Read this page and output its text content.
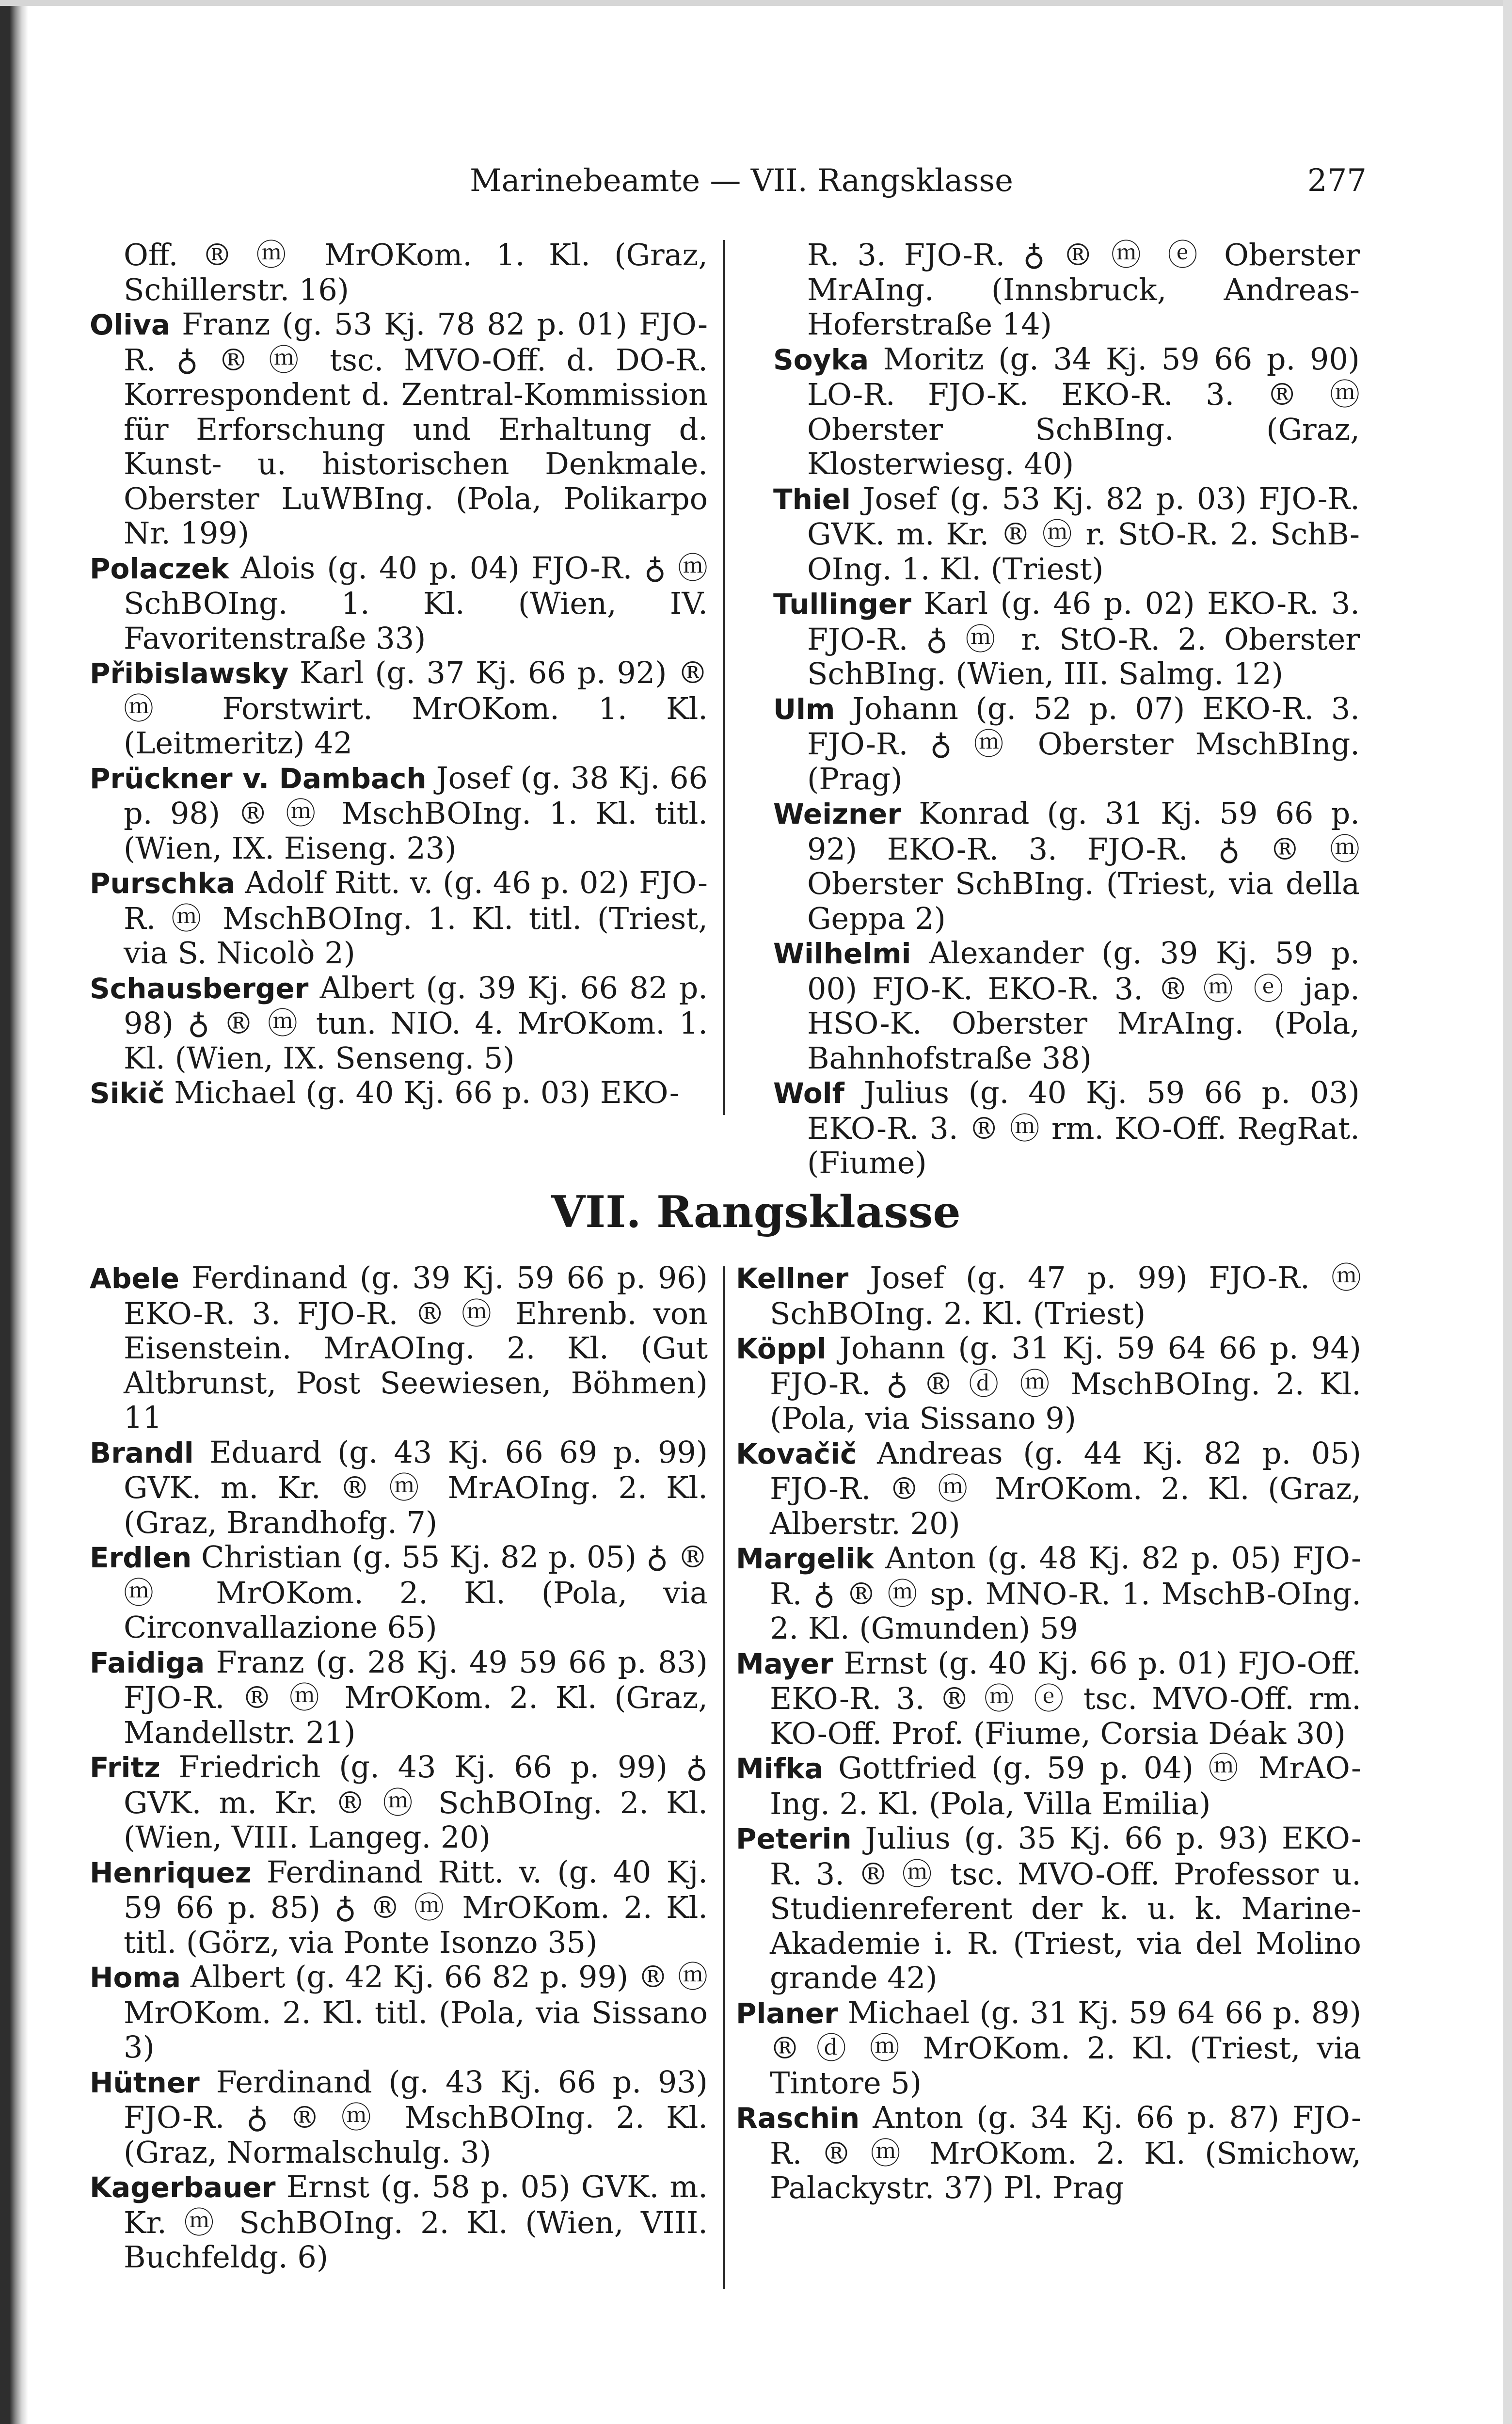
Marinebeamte — VII. Rangsklasse	277
Off. ® ⓜ MrOKom. 1. Kl. (Graz, Schillerstr. 16)
Oliva Franz (g. 53 Kj. 78 82 p. 01) FJO-R. ♁ ® ⓜ tsc. MVO-Off. d. DO-R. Korrespondent d. Zentral-Kommission für Erforschung und Erhaltung d. Kunst- u. historischen Denkmale. Oberster LuWBIng. (Pola, Polikarpo Nr. 199)
Polaczek Alois (g. 40 p. 04) FJO-R. ♁ ⓜ SchBOIng. 1. Kl. (Wien, IV. Favoritenstraße 33)
Přibislawsky Karl (g. 37 Kj. 66 p. 92) ® ⓜ Forstwirt. MrOKom. 1. Kl. (Leitmeritz) 42
Prückner v. Dambach Josef (g. 38 Kj. 66 p. 98) ® ⓜ MschBOIng. 1. Kl. titl. (Wien, IX. Eiseng. 23)
Purschka Adolf Ritt. v. (g. 46 p. 02) FJO-R. ⓜ MschBOIng. 1. Kl. titl. (Triest, via S. Nicolò 2)
Schausberger Albert (g. 39 Kj. 66 82 p. 98) ♁ ® ⓜ tun. NIO. 4. MrOKom. 1. Kl. (Wien, IX. Senseng. 5)
Sikič Michael (g. 40 Kj. 66 p. 03) EKO-
R. 3. FJO-R. ♁ ® ⓜ ⓔ Oberster MrAIng. (Innsbruck, Andreas-Hoferstraße 14)
Soyka Moritz (g. 34 Kj. 59 66 p. 90) LO-R. FJO-K. EKO-R. 3. ® ⓜ Oberster SchBIng. (Graz, Klosterwiesg. 40)
Thiel Josef (g. 53 Kj. 82 p. 03) FJO-R. GVK. m. Kr. ® ⓜ r. StO-R. 2. SchB-OIng. 1. Kl. (Triest)
Tullinger Karl (g. 46 p. 02) EKO-R. 3. FJO-R. ♁ ⓜ r. StO-R. 2. Oberster SchBIng. (Wien, III. Salmg. 12)
Ulm Johann (g. 52 p. 07) EKO-R. 3. FJO-R. ♁ ⓜ Oberster MschBIng. (Prag)
Weizner Konrad (g. 31 Kj. 59 66 p. 92) EKO-R. 3. FJO-R. ♁ ® ⓜ Oberster SchBIng. (Triest, via della Geppa 2)
Wilhelmi Alexander (g. 39 Kj. 59 p. 00) FJO-K. EKO-R. 3. ® ⓜ ⓔ jap. HSO-K. Oberster MrAIng. (Pola, Bahnhofstraße 38)
Wolf Julius (g. 40 Kj. 59 66 p. 03) EKO-R. 3. ® ⓜ rm. KO-Off. RegRat. (Fiume)
VII. Rangsklasse
Abele Ferdinand (g. 39 Kj. 59 66 p. 96) EKO-R. 3. FJO-R. ® ⓜ Ehrenb. von Eisenstein. MrAOIng. 2. Kl. (Gut Altbrunst, Post Seewiesen, Böhmen) 11
Brandl Eduard (g. 43 Kj. 66 69 p. 99) GVK. m. Kr. ® ⓜ MrAOIng. 2. Kl. (Graz, Brandhofg. 7)
Erdlen Christian (g. 55 Kj. 82 p. 05) ♁ ® ⓜ MrOKom. 2. Kl. (Pola, via Circonvallazione 65)
Faidiga Franz (g. 28 Kj. 49 59 66 p. 83) FJO-R. ® ⓜ MrOKom. 2. Kl. (Graz, Mandellstr. 21)
Fritz Friedrich (g. 43 Kj. 66 p. 99) ♁ GVK. m. Kr. ® ⓜ SchBOIng. 2. Kl. (Wien, VIII. Langeg. 20)
Henriquez Ferdinand Ritt. v. (g. 40 Kj. 59 66 p. 85) ♁ ® ⓜ MrOKom. 2. Kl. titl. (Görz, via Ponte Isonzo 35)
Homa Albert (g. 42 Kj. 66 82 p. 99) ® ⓜ MrOKom. 2. Kl. titl. (Pola, via Sissano 3)
Hütner Ferdinand (g. 43 Kj. 66 p. 93) FJO-R. ♁ ® ⓜ MschBOIng. 2. Kl. (Graz, Normalschulg. 3)
Kagerbauer Ernst (g. 58 p. 05) GVK. m. Kr. ⓜ SchBOIng. 2. Kl. (Wien, VIII. Buchfeldg. 6)
Kellner Josef (g. 47 p. 99) FJO-R. ⓜ SchBOIng. 2. Kl. (Triest)
Köppl Johann (g. 31 Kj. 59 64 66 p. 94) FJO-R. ♁ ® ⓓ ⓜ MschBOIng. 2. Kl. (Pola, via Sissano 9)
Kovačič Andreas (g. 44 Kj. 82 p. 05) FJO-R. ® ⓜ MrOKom. 2. Kl. (Graz, Alberstr. 20)
Margelik Anton (g. 48 Kj. 82 p. 05) FJO-R. ♁ ® ⓜ sp. MNO-R. 1. MschB-OIng. 2. Kl. (Gmunden) 59
Mayer Ernst (g. 40 Kj. 66 p. 01) FJO-Off. EKO-R. 3. ® ⓜ ⓔ tsc. MVO-Off. rm. KO-Off. Prof. (Fiume, Corsia Déak 30)
Mifka Gottfried (g. 59 p. 04) ⓜ MrAO-Ing. 2. Kl. (Pola, Villa Emilia)
Peterin Julius (g. 35 Kj. 66 p. 93) EKO-R. 3. ® ⓜ tsc. MVO-Off. Professor u. Studienreferent der k. u. k. Marine-Akademie i. R. (Triest, via del Molino grande 42)
Planer Michael (g. 31 Kj. 59 64 66 p. 89) ® ⓓ ⓜ MrOKom. 2. Kl. (Triest, via Tintore 5)
Raschin Anton (g. 34 Kj. 66 p. 87) FJO-R. ® ⓜ MrOKom. 2. Kl. (Smichow, Palackystr. 37) Pl. Prag
